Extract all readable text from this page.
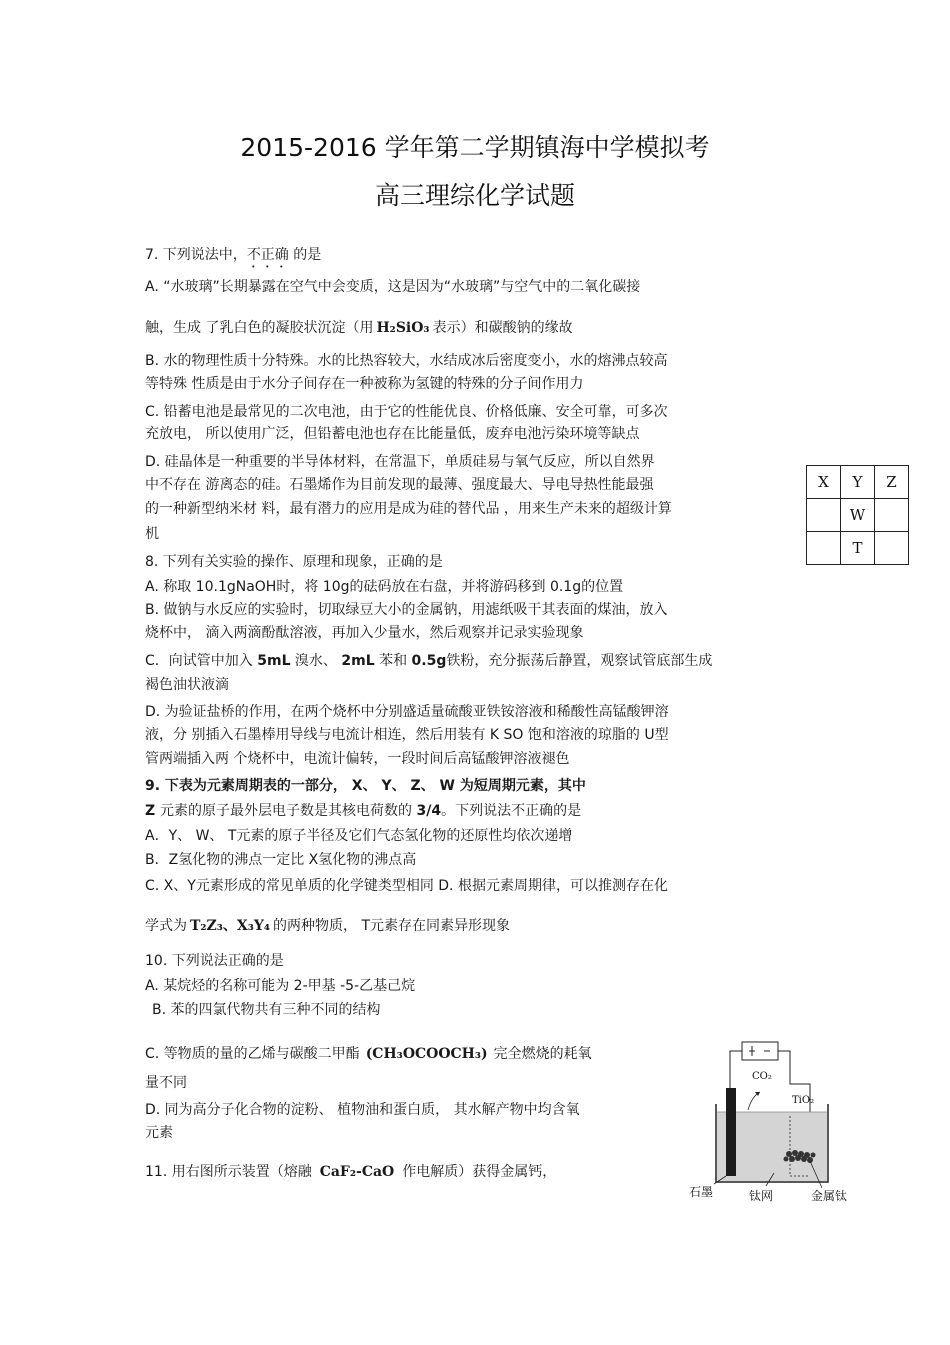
2015-2016 学年第二学期镇海中学模拟考
高三理综化学试题
7. 下列说法中，不正确 的是
A. “水玻璃”长期暴露在空气中会变质，这是因为“水玻璃”与空气中的二氧化碳接
触，生成 了乳白色的凝胶状沉淀（用 H₂SiO₃ 表示）和碳酸钠的缘故
B. 水的物理性质十分特殊。水的比热容较大，水结成冰后密度变小，水的熔沸点较高
等特殊 性质是由于水分子间存在一种被称为氢键的特殊的分子间作用力
C. 铅蓄电池是最常见的二次电池，由于它的性能优良、价格低廉、安全可靠，可多次
充放电， 所以使用广泛，但铅蓄电池也存在比能量低，废弃电池污染环境等缺点
D. 硅晶体是一种重要的半导体材料，在常温下，单质硅易与氧气反应，所以自然界
中不存在 游离态的硅。石墨烯作为目前发现的最薄、强度最大、导电导热性能最强
的一种新型纳米材 料，最有潜力的应用是成为硅的替代品 ，用来生产未来的超级计算
机
X	Y	Z
	W	
	T	
8. 下列有关实验的操作、原理和现象，正确的是
A. 称取 10.1gNaOH时，将 10g的砝码放在右盘，并将游码移到 0.1g的位置
B. 做钠与水反应的实验时，切取绿豆大小的金属钠，用滤纸吸干其表面的煤油，放入
烧杯中， 滴入两滴酚酞溶液，再加入少量水，然后观察并记录实验现象
C．向试管中加入 5mL 溴水、 2mL 苯和 0.5g铁粉，充分振荡后静置，观察试管底部生成
褐色油状液滴
D. 为验证盐桥的作用，在两个烧杯中分别盛适量硫酸亚铁铵溶液和稀酸性高锰酸钾溶
液，分 别插入石墨棒用导线与电流计相连，然后用装有 K SO 饱和溶液的琼脂的 U型
管两端插入两 个烧杯中，电流计偏转，一段时间后高锰酸钾溶液褪色
9. 下表为元素周期表的一部分， X、 Y、 Z、 W 为短周期元素，其中
Z 元素的原子最外层电子数是其核电荷数的 3/4。下列说法不正确的是
A．Y、 W、 T元素的原子半径及它们气态氢化物的还原性均依次递增
B．Z氢化物的沸点一定比 X氢化物的沸点高
C. X、Y元素形成的常见单质的化学键类型相同 D. 根据元素周期律，可以推测存在化
学式为 T₂Z₃、X₃Y₄ 的两种物质， T元素存在同素异形现象
10. 下列说法正确的是
A. 某烷烃的名称可能为 2-甲基 -5-乙基己烷
B. 苯的四氯代物共有三种不同的结构
C. 等物质的量的乙烯与碳酸二甲酯 (CH₃OCOOCH₃) 完全燃烧的耗氧
量不同
D. 同为高分子化合物的淀粉、 植物油和蛋白质， 其水解产物中均含氧
元素
11. 用右图所示装置（熔融 CaF₂-CaO 作电解质）获得金属钙，
CO₂
TiO₂
石墨	钛网	金属钛
